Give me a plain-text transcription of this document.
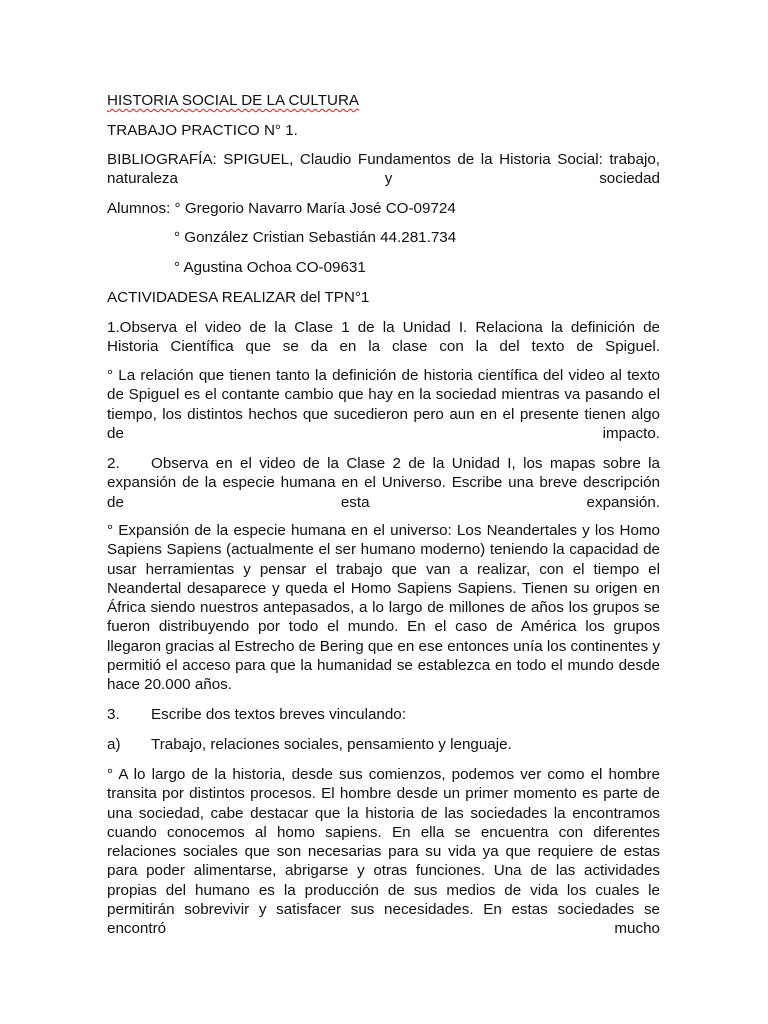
HISTORIA SOCIAL DE LA CULTURA

TRABAJO PRACTICO N° 1.

BIBLIOGRAFÍA: SPIGUEL, Claudio Fundamentos de la Historia Social: trabajo, naturaleza y sociedad

Alumnos: ° Gregorio Navarro María José CO-09724

° González Cristian Sebastián 44.281.734

° Agustina Ochoa CO-09631

ACTIVIDADESA REALIZAR del TPN°1

1.Observa el video de la Clase 1 de la Unidad I. Relaciona la definición de Historia Científica que se da en la clase con la del texto de Spiguel.

° La relación que tienen tanto la definición de historia científica del video al texto de Spiguel es el contante cambio que hay en la sociedad mientras va pasando el tiempo, los distintos hechos que sucedieron pero aun en el presente tienen algo de impacto.

2. Observa en el video de la Clase 2 de la Unidad I, los mapas sobre la expansión de la especie humana en el Universo. Escribe una breve descripción de esta expansión.

° Expansión de la especie humana en el universo: Los Neandertales y los Homo Sapiens Sapiens (actualmente el ser humano moderno) teniendo la capacidad de usar herramientas y pensar el trabajo que van a realizar, con el tiempo el Neandertal desaparece y queda el Homo Sapiens Sapiens. Tienen su origen en África siendo nuestros antepasados, a lo largo de millones de años los grupos se fueron distribuyendo por todo el mundo. En el caso de América los grupos llegaron gracias al Estrecho de Bering que en ese entonces unía los continentes y permitió el acceso para que la humanidad se establezca en todo el mundo desde hace 20.000 años.

3. Escribe dos textos breves vinculando:

a) Trabajo, relaciones sociales, pensamiento y lenguaje.

° A lo largo de la historia, desde sus comienzos, podemos ver como el hombre transita por distintos procesos. El hombre desde un primer momento es parte de una sociedad, cabe destacar que la historia de las sociedades la encontramos cuando conocemos al homo sapiens. En ella se encuentra con diferentes relaciones sociales que son necesarias para su vida ya que requiere de estas para poder alimentarse, abrigarse y otras funciones. Una de las actividades propias del humano es la producción de sus medios de vida los cuales le permitirán sobrevivir y satisfacer sus necesidades. En estas sociedades se encontró mucho
